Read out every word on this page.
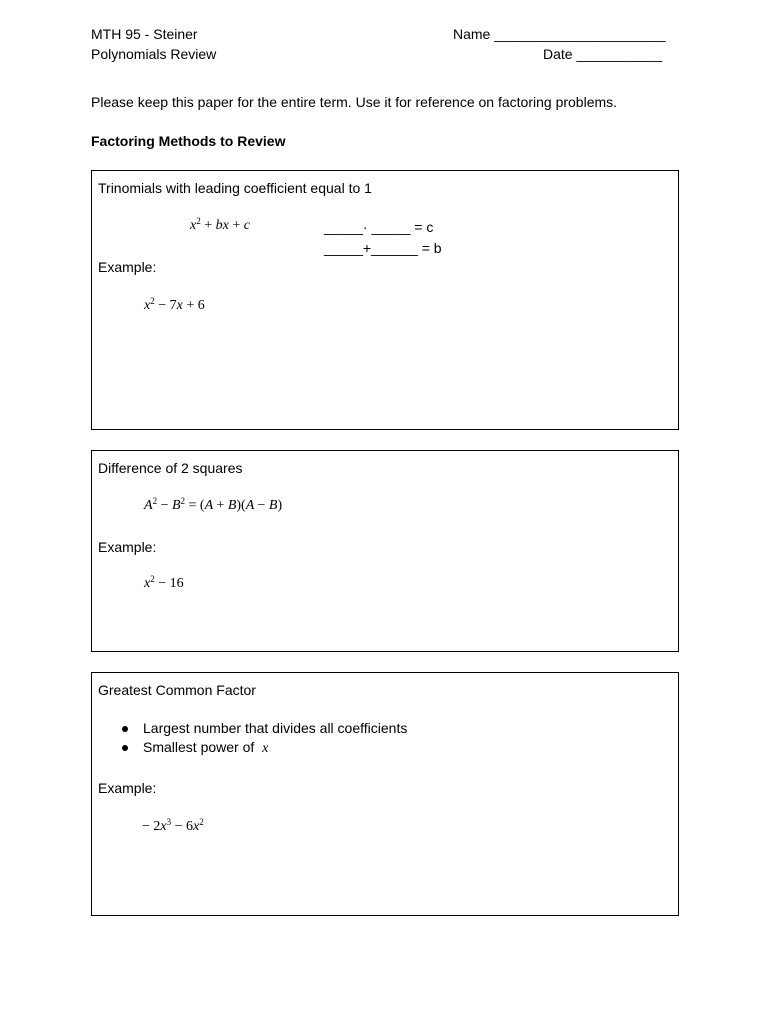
MTH 95 - Steiner
Polynomials Review
Name ______________________
Date ___________
Please keep this paper for the entire term. Use it for reference on factoring problems.
Factoring Methods to Review
Trinomials with leading coefficient equal to 1
$x^2$ + bx + c	_____· _____ = c
_____+______ = b
Example:
$x^2 - 7x + 6$
Difference of 2 squares
$A^2 - B^2 = (A + B)(A - B)$
Example:
$x^2 - 16$
Greatest Common Factor
Largest number that divides all coefficients
Smallest power of x
Example:
− $2x^3 - 6x^2$
